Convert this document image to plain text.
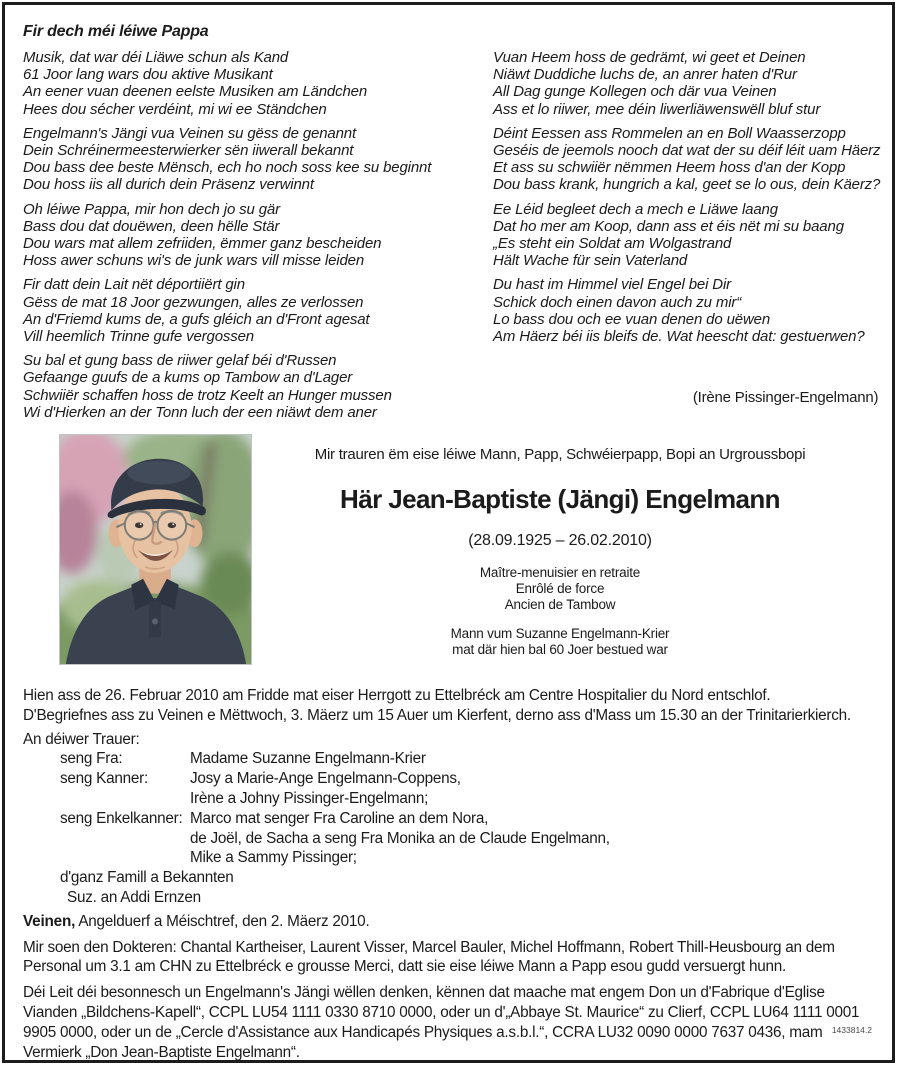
Fir dech méi léiwe Pappa
Musik, dat war déi Liäwe schun als Kand
61 Joor lang wars dou aktive Musikant
An eener vuan deenen eelste Musiken am Ländchen
Hees dou sécher verdéint, mi wi ee Ständchen
Engelmann's Jängi vua Veinen su gëss de genannt
Dein Schréinermeesterwierker sën iiwerall bekannt
Dou bass dee beste Mënsch, ech ho noch soss kee su beginnt
Dou hoss iis all durich dein Präsenz verwinnt
Oh léiwe Pappa, mir hon dech jo su gär
Bass dou dat douëwen, deen hëlle Stär
Dou wars mat allem zefriiden, ëmmer ganz bescheiden
Hoss awer schuns wi's de junk wars vill misse leiden
Fir datt dein Lait nët déportiiërt gin
Gëss de mat 18 Joor gezwungen, alles ze verlossen
An d'Friemd kums de, a gufs gléich an d'Front agesat
Vill heemlich Trinne gufe vergossen
Su bal et gung bass de riiwer gelaf béi d'Russen
Gefaange guufs de a kums op Tambow an d'Lager
Schwiiër schaffen hoss de trotz Keelt an Hunger mussen
Wi d'Hierken an der Tonn luch der een niäwt dem aner
Vuan Heem hoss de gedrämt, wi geet et Deinen
Niäwt Duddiche luchs de, an anrer haten d'Rur
All Dag gunge Kollegen och där vua Veinen
Ass et lo riiwer, mee déin liwerliäwenswëll bluf stur
Déint Eessen ass Rommelen an en Boll Waasserzopp
Geséis de jeemols nooch dat wat der su déif léit uam Häerz
Et ass su schwiiër nëmmen Heem hoss d'an der Kopp
Dou bass krank, hungrich a kal, geet se lo ous, dein Käerz?
Ee Léid begleet dech a mech e Liäwe laang
Dat ho mer am Koop, dann ass et éis nët mi su baang
„Es steht ein Soldat am Wolgastrand
Hält Wache für sein Vaterland
Du hast im Himmel viel Engel bei Dir
Schick doch einen davon auch zu mir“
Lo bass dou och ee vuan denen do uëwen
Am Häerz béi iis bleifs de. Wat heescht dat: gestuerwen?
(Irène Pissinger-Engelmann)
Mir trauren ëm eise léiwe Mann, Papp, Schwéierpapp, Bopi an Urgroussbopi
Här Jean-Baptiste (Jängi) Engelmann
(28.09.1925 – 26.02.2010)
Maître-menuisier en retraite
Enrôlé de force
Ancien de Tambow
Mann vum Suzanne Engelmann-Krier
mat där hien bal 60 Joer bestued war
Hien ass de 26. Februar 2010 am Fridde mat eiser Herrgott zu Ettelbréck am Centre Hospitalier du Nord entschlof.
D'Begriefnes ass zu Veinen e Mëttwoch, 3. Mäerz um 15 Auer um Kierfent, derno ass d'Mass um 15.30 an der Trinitarierkierch.
An déiwer Trauer:
seng Fra:	Madame Suzanne Engelmann-Krier
seng Kanner:	Josy a Marie-Ange Engelmann-Coppens,
Irène a Johny Pissinger-Engelmann;
seng Enkelkanner: Marco mat senger Fra Caroline an dem Nora,
de Joël, de Sacha a seng Fra Monika an de Claude Engelmann,
Mike a Sammy Pissinger;
d'ganz Famill a Bekannten
Suz. an Addi Ernzen
Veinen, Angelduerf a Méischtref, den 2. Mäerz 2010.
Mir soen den Dokteren: Chantal Kartheiser, Laurent Visser, Marcel Bauler, Michel Hoffmann, Robert Thill-Heusbourg an dem Personal um 3.1 am CHN zu Ettelbréck e grousse Merci, datt sie eise léiwe Mann a Papp esou gudd versuergt hunn.
Déi Leit déi besonnesch un Engelmann's Jängi wëllen denken, kënnen dat maache mat engem Don un d'Fabrique d'Eglise Vianden „Bildchens-Kapell“, CCPL LU54 1111 0330 8710 0000, oder un d'„Abbaye St. Maurice“ zu Clierf, CCPL LU64 1111 0001 9905 0000, oder un de „Cercle d'Assistance aux Handicapés Physiques a.s.b.l.“, CCRA LU32 0090 0000 7637 0436, mam Vermierk „Don Jean-Baptiste Engelmann“.
1433814.2
